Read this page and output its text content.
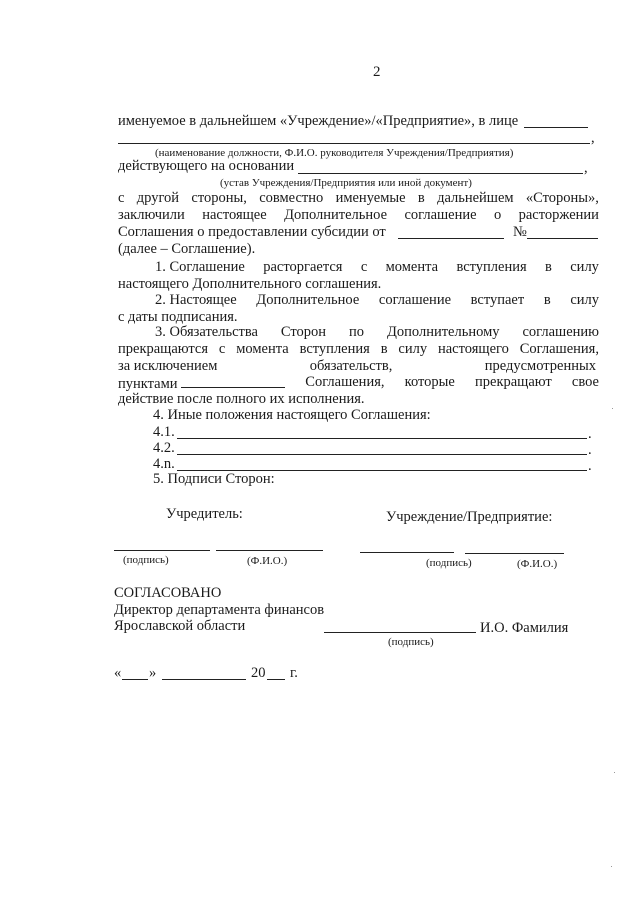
2
именуемое в дальнейшем «Учреждение»/«Предприятие», в лице
,
(наименование должности, Ф.И.О. руководителя Учреждения/Предприятия)
действующего на основании	,
(устав Учреждения/Предприятия или иной документ)
с другой стороны, совместно именуемые в дальнейшем «Стороны»,
заключили настоящее Дополнительное соглашение о расторжении
Соглашения о предоставлении субсидии от	№
(далее – Соглашение).
1. Соглашение расторгается с момента вступления в силу
настоящего Дополнительного соглашения.
2. Настоящее Дополнительное соглашение вступает в силу
с даты подписания.
3. Обязательства Сторон по Дополнительному соглашению
прекращаются с момента вступления в силу настоящего Соглашения,
за исключением	обязательств,	предусмотренных
пунктами	Соглашения, которые прекращают свое
действие после полного их исполнения.
4. Иные положения настоящего Соглашения:
4.1.	.
4.2.	.
4.n.	.
5. Подписи Сторон:
Учредитель:	Учреждение/Предприятие:
(подпись)	(Ф.И.О.)	(подпись)	(Ф.И.О.)
СОГЛАСОВАНО
Директор департамента финансов
Ярославской области	И.О. Фамилия
(подпись)
« »	20 г.
